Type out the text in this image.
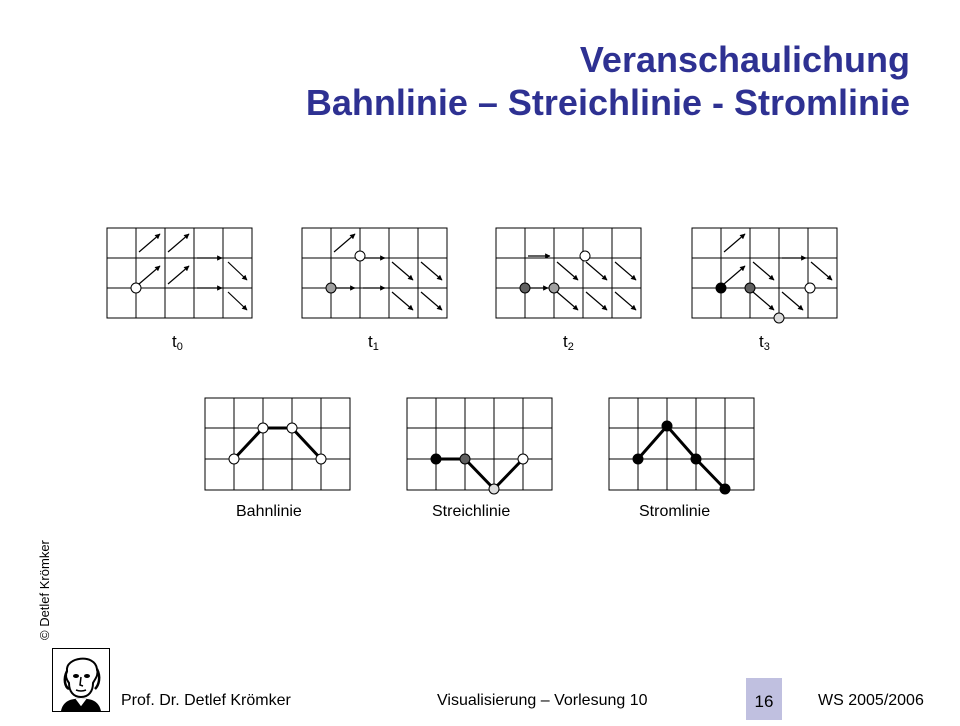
Veranschaulichung
Bahnlinie – Streichlinie - Stromlinie
t0	t1	t2	t3
Bahnlinie	Streichlinie	Stromlinie
© Detlef Krömker
Prof. Dr. Detlef Krömker	Visualisierung – Vorlesung 10	WS 2005/2006
16
